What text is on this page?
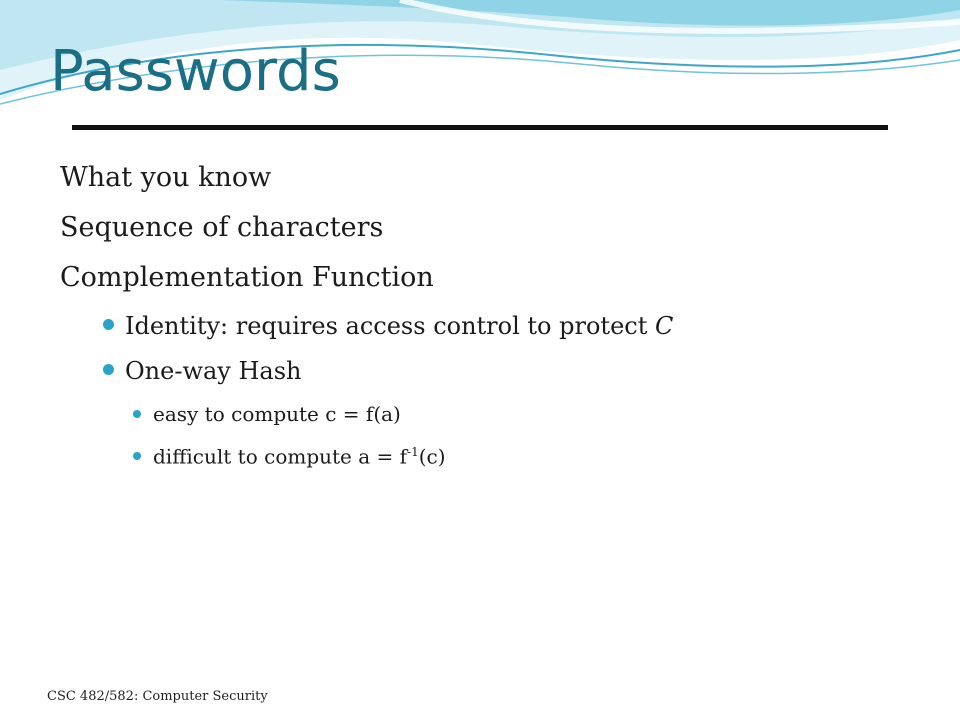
Passwords
What you know
Sequence of characters
Complementation Function
Identity: requires access control to protect C
One-way Hash
easy to compute c = f(a)
difficult to compute $a = f^{-1}(c)$
CSC 482/582: Computer Security
